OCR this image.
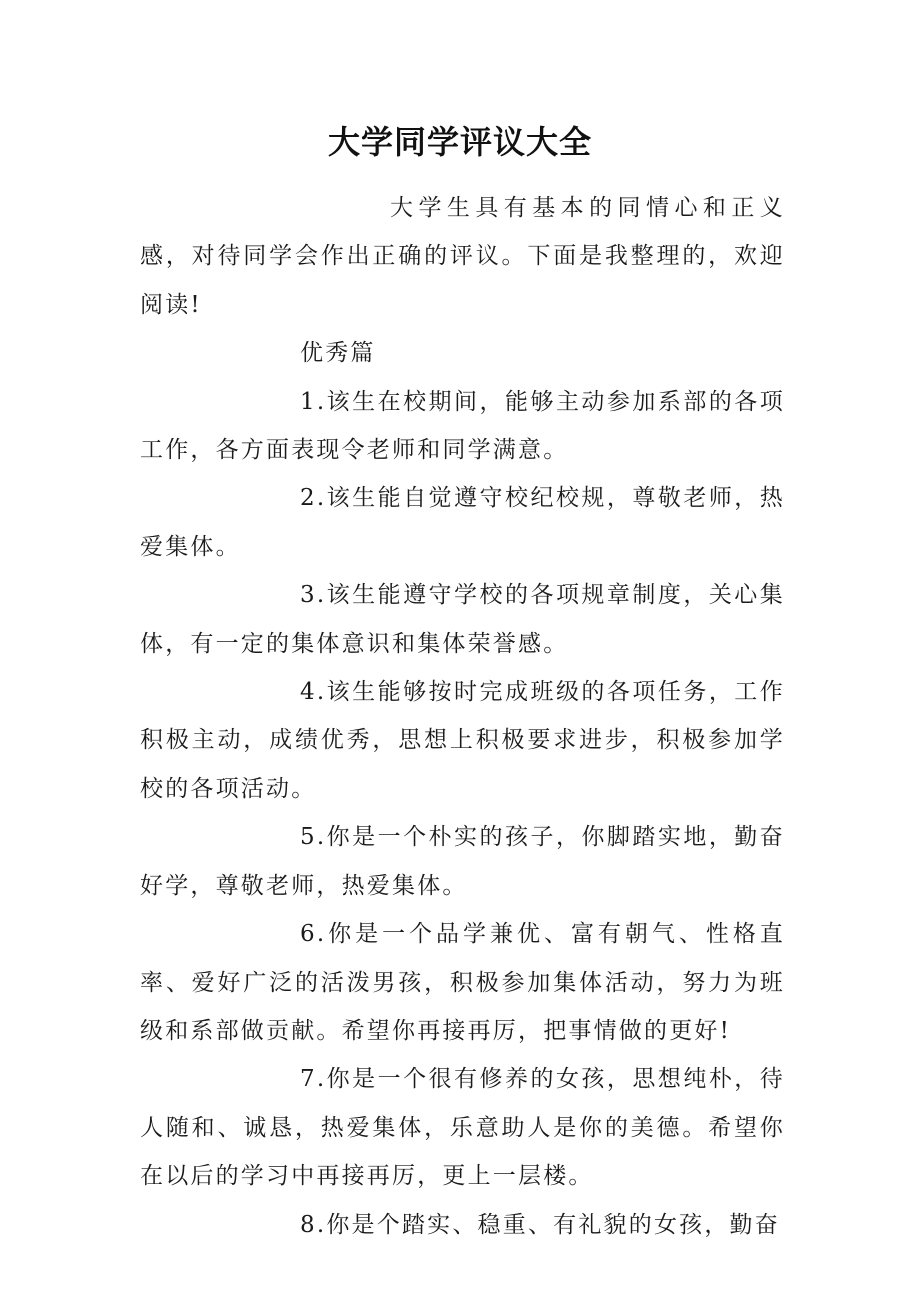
大学同学评议大全

大学生具有基本的同情心和正义感，对待同学会作出正确的评议。下面是我整理的，欢迎阅读!

优秀篇

1.该生在校期间，能够主动参加系部的各项工作，各方面表现令老师和同学满意。

2.该生能自觉遵守校纪校规，尊敬老师，热爱集体。

3.该生能遵守学校的各项规章制度，关心集体，有一定的集体意识和集体荣誉感。

4.该生能够按时完成班级的各项任务，工作积极主动，成绩优秀，思想上积极要求进步，积极参加学校的各项活动。

5.你是一个朴实的孩子，你脚踏实地，勤奋好学，尊敬老师，热爱集体。

6.你是一个品学兼优、富有朝气、性格直率、爱好广泛的活泼男孩，积极参加集体活动，努力为班级和系部做贡献。希望你再接再厉，把事情做的更好!

7.你是一个很有修养的女孩，思想纯朴，待人随和、诚恳，热爱集体，乐意助人是你的美德。希望你在以后的学习中再接再厉，更上一层楼。

8.你是个踏实、稳重、有礼貌的女孩，勤奋
